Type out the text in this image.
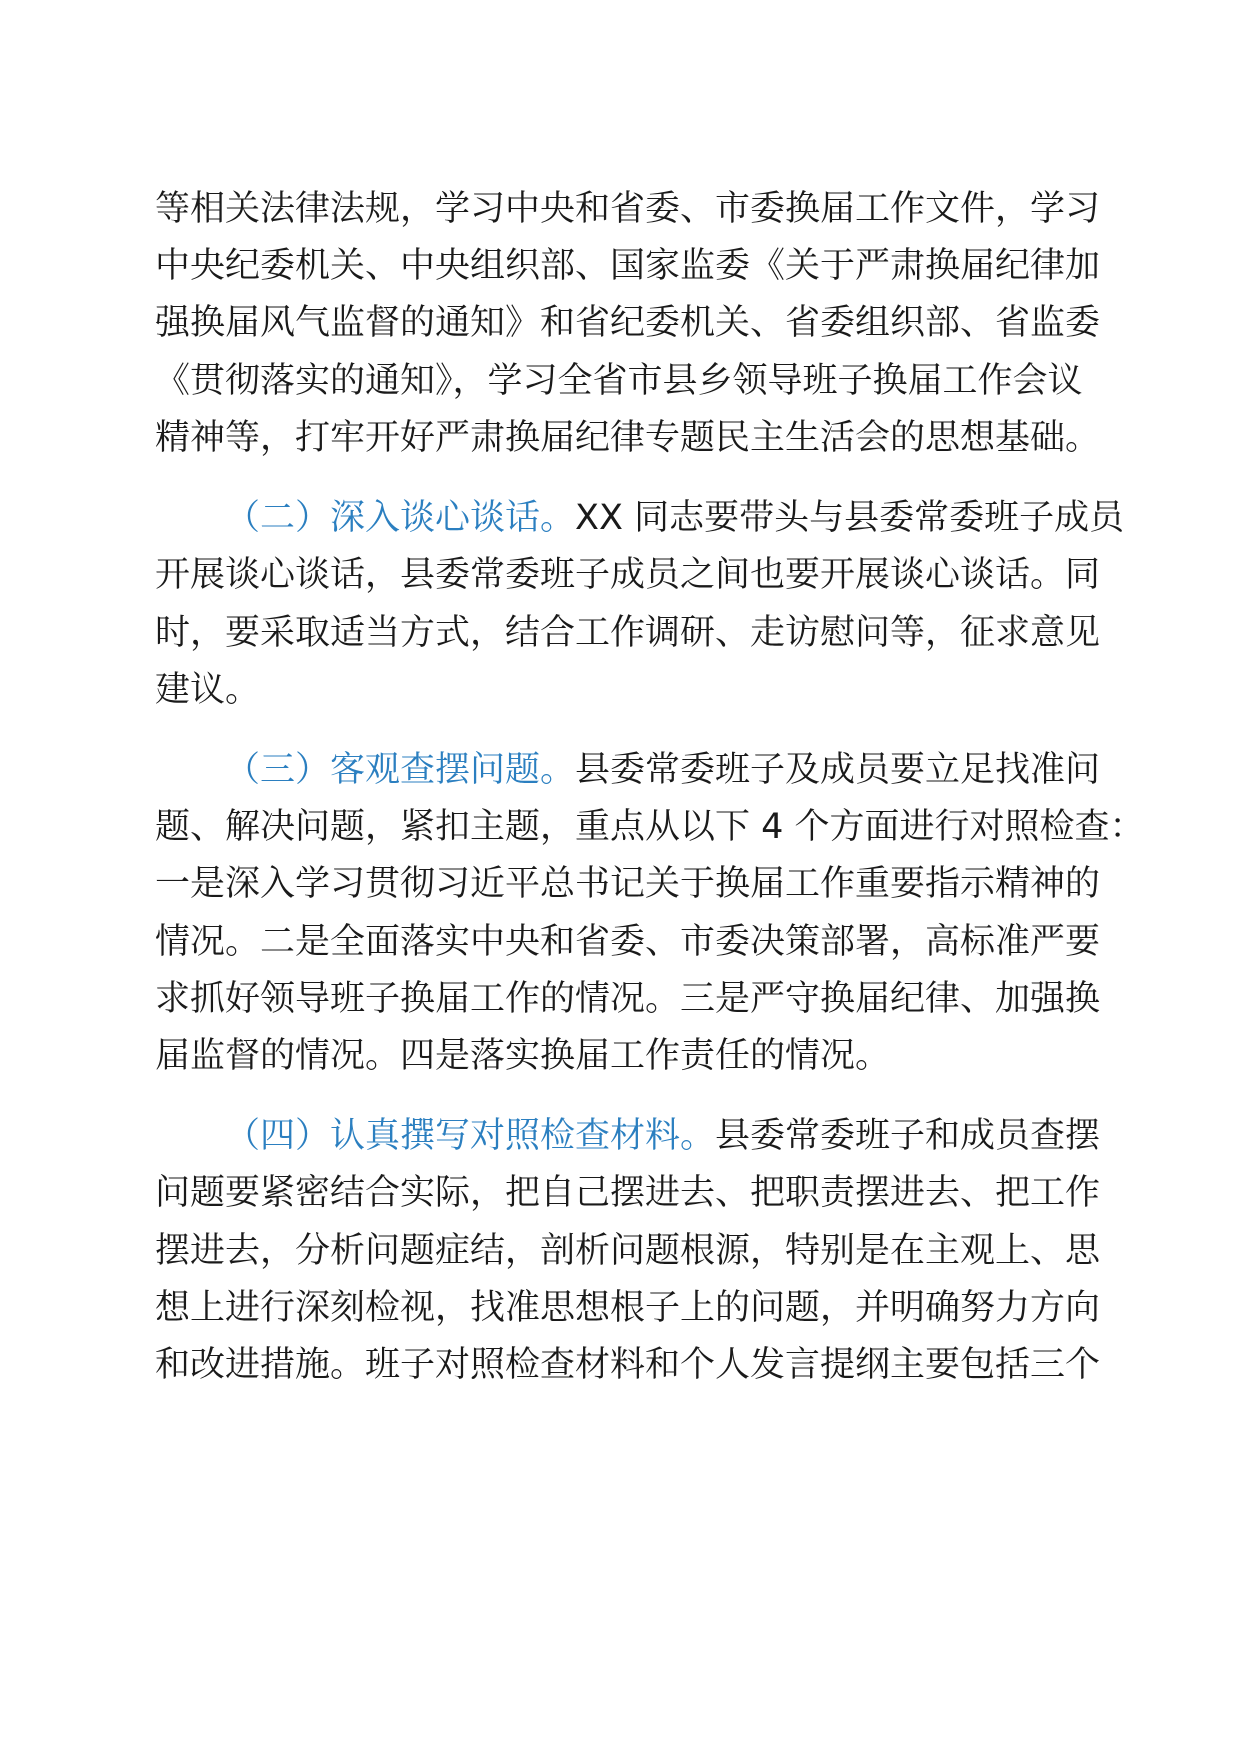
等相关法律法规，学习中央和省委、市委换届工作文件，学习
中央纪委机关、中央组织部、国家监委《关于严肃换届纪律加
强换届风气监督的通知》和省纪委机关、省委组织部、省监委
《贯彻落实的通知》，学习全省市县乡领导班子换届工作会议
精神等，打牢开好严肃换届纪律专题民主生活会的思想基础。
（二）深入谈心谈话。XX 同志要带头与县委常委班子成员
开展谈心谈话，县委常委班子成员之间也要开展谈心谈话。同
时，要采取适当方式，结合工作调研、走访慰问等，征求意见
建议。
（三）客观查摆问题。县委常委班子及成员要立足找准问
题、解决问题，紧扣主题，重点从以下 4 个方面进行对照检查：
一是深入学习贯彻习近平总书记关于换届工作重要指示精神的
情况。二是全面落实中央和省委、市委决策部署，高标准严要
求抓好领导班子换届工作的情况。三是严守换届纪律、加强换
届监督的情况。四是落实换届工作责任的情况。
（四）认真撰写对照检查材料。县委常委班子和成员查摆
问题要紧密结合实际，把自己摆进去、把职责摆进去、把工作
摆进去，分析问题症结，剖析问题根源，特别是在主观上、思
想上进行深刻检视，找准思想根子上的问题，并明确努力方向
和改进措施。班子对照检查材料和个人发言提纲主要包括三个
